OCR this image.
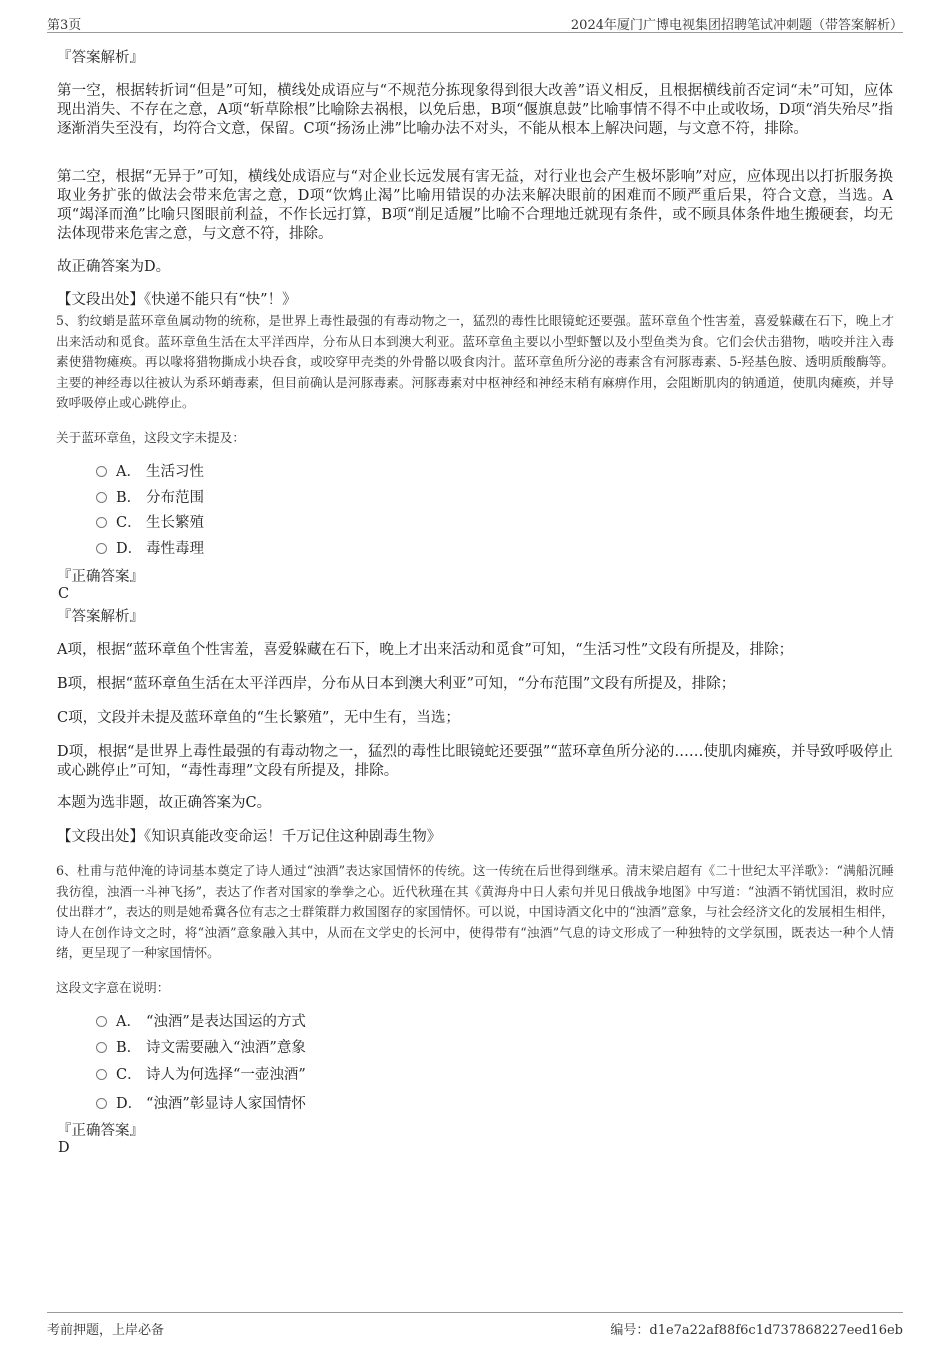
第3页	2024年厦门广博电视集团招聘笔试冲刺题（带答案解析）
『答案解析』
第一空，根据转折词“但是”可知，横线处成语应与“不规范分拣现象得到很大改善”语义相反，且根据横线前否定词“未”可知，应体现出消失、不存在之意，A项“斩草除根”比喻除去祸根，以免后患，B项“偃旗息鼓”比喻事情不得不中止或收场，D项“消失殆尽”指逐渐消失至没有，均符合文意，保留。C项“扬汤止沸”比喻办法不对头，不能从根本上解决问题，与文意不符，排除。
第二空，根据“无异于”可知，横线处成语应与“对企业长远发展有害无益，对行业也会产生极坏影响”对应，应体现出以打折服务换取业务扩张的做法会带来危害之意，D项“饮鸩止渴”比喻用错误的办法来解决眼前的困难而不顾严重后果，符合文意，当选。A项“竭泽而渔”比喻只图眼前利益，不作长远打算，B项“削足适履”比喻不合理地迁就现有条件，或不顾具体条件地生搬硬套，均无法体现带来危害之意，与文意不符，排除。
故正确答案为D。
【文段出处】《快递不能只有“快”！》
5、豹纹蛸是蓝环章鱼属动物的统称，是世界上毒性最强的有毒动物之一，猛烈的毒性比眼镜蛇还要强。蓝环章鱼个性害羞，喜爱躲藏在石下，晚上才出来活动和觅食。蓝环章鱼生活在太平洋西岸，分布从日本到澳大利亚。蓝环章鱼主要以小型虾蟹以及小型鱼类为食。它们会伏击猎物，啮咬并注入毒素使猎物瘫痪。再以喙将猎物撕成小块吞食，或咬穿甲壳类的外骨骼以吸食肉汁。蓝环章鱼所分泌的毒素含有河豚毒素、5-羟基色胺、透明质酸酶等。主要的神经毒以往被认为系环蛸毒素，但目前确认是河豚毒素。河豚毒素对中枢神经和神经末稍有麻痹作用，会阻断肌肉的钠通道，使肌肉瘫痪，并导致呼吸停止或心跳停止。
关于蓝环章鱼，这段文字未提及：
A． 生活习性
B． 分布范围
C． 生长繁殖
D． 毒性毒理
『正确答案』
C
『答案解析』
A项，根据“蓝环章鱼个性害羞，喜爱躲藏在石下，晚上才出来活动和觅食”可知，“生活习性”文段有所提及，排除；
B项，根据“蓝环章鱼生活在太平洋西岸，分布从日本到澳大利亚”可知，“分布范围”文段有所提及，排除；
C项，文段并未提及蓝环章鱼的“生长繁殖”，无中生有，当选；
D项，根据“是世界上毒性最强的有毒动物之一，猛烈的毒性比眼镜蛇还要强”“蓝环章鱼所分泌的……使肌肉瘫痪，并导致呼吸停止或心跳停止”可知，“毒性毒理”文段有所提及，排除。
本题为选非题，故正确答案为C。
【文段出处】《知识真能改变命运！千万记住这种剧毒生物》
6、杜甫与范仲淹的诗词基本奠定了诗人通过“浊酒”表达家国情怀的传统。这一传统在后世得到继承。清末梁启超有《二十世纪太平洋歌》：“满船沉睡我彷徨，浊酒一斗神飞扬”，表达了作者对国家的拳拳之心。近代秋瑾在其《黄海舟中日人索句并见日俄战争地图》中写道：“浊酒不销忧国泪，救时应仗出群才”，表达的则是她希冀各位有志之士群策群力救国图存的家国情怀。可以说，中国诗酒文化中的“浊酒”意象，与社会经济文化的发展相生相伴，诗人在创作诗文之时，将“浊酒”意象融入其中，从而在文学史的长河中，使得带有“浊酒”气息的诗文形成了一种独特的文学氛围，既表达一种个人情绪，更呈现了一种家国情怀。
这段文字意在说明：
A． “浊酒”是表达国运的方式
B． 诗文需要融入“浊酒”意象
C． 诗人为何选择“一壶浊酒”
D． “浊酒”彰显诗人家国情怀
『正确答案』
D
考前押题，上岸必备	编号：d1e7a22af88f6c1d737868227eed16eb
